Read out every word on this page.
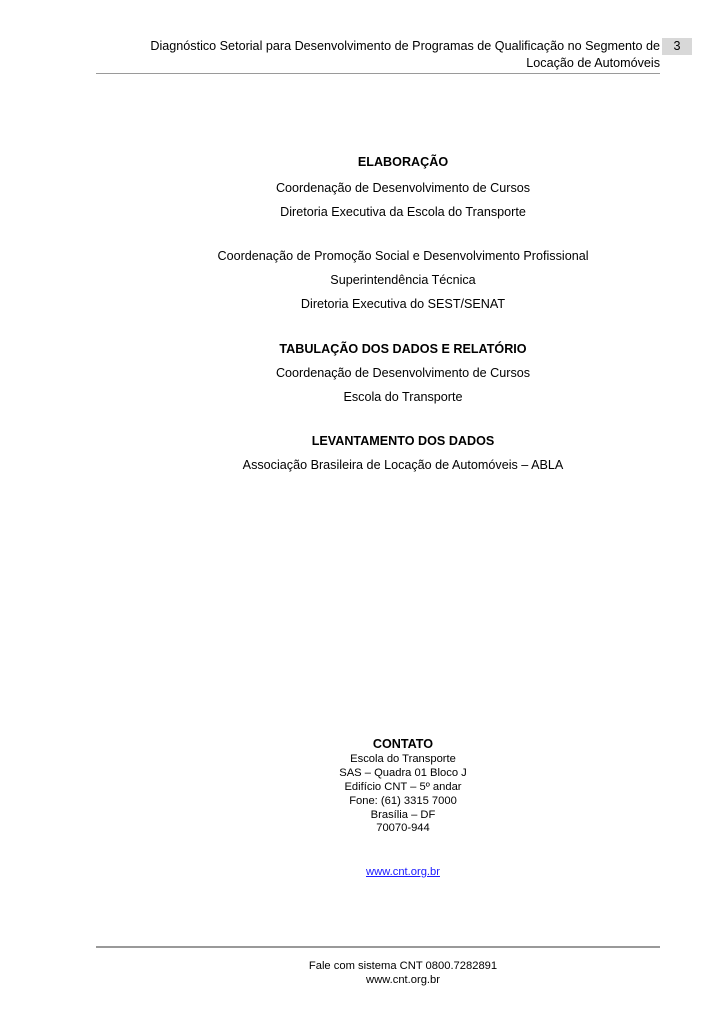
Diagnóstico Setorial para Desenvolvimento de Programas de Qualificação no Segmento de
Locação de Automóveis
3
ELABORAÇÃO
Coordenação de Desenvolvimento de Cursos
Diretoria Executiva da Escola do Transporte
Coordenação de Promoção Social e Desenvolvimento Profissional
Superintendência Técnica
Diretoria Executiva do SEST/SENAT
TABULAÇÃO DOS DADOS E RELATÓRIO
Coordenação de Desenvolvimento de Cursos
Escola do Transporte
LEVANTAMENTO DOS DADOS
Associação Brasileira de Locação de Automóveis – ABLA
CONTATO
Escola do Transporte
SAS – Quadra 01 Bloco J
Edifício CNT – 5º andar
Fone: (61) 3315 7000
Brasília – DF
70070-944
www.cnt.org.br
Fale com sistema CNT 0800.7282891
www.cnt.org.br
